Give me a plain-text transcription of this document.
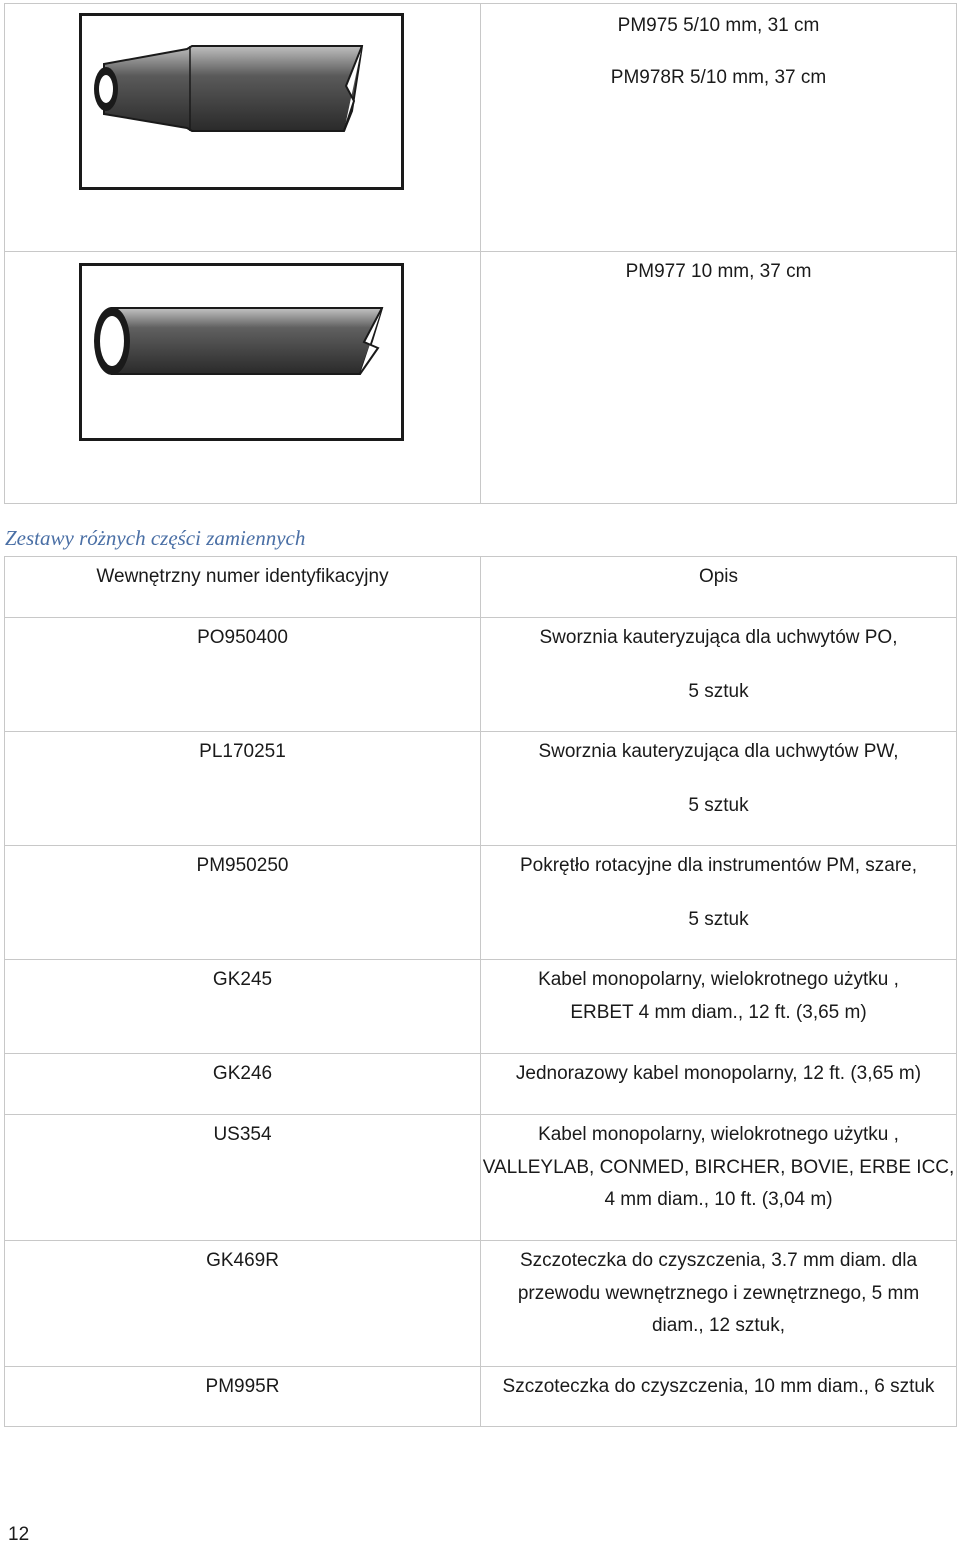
PM975 5/10 mm, 31 cm
PM978R 5/10 mm, 37 cm
PM977 10 mm, 37 cm
Zestawy różnych części zamiennych
Wewnętrzny numer identyfikacyjny	Opis
PO950400	Sworznia kauteryzująca dla uchwytów PO,
5 sztuk
PL170251	Sworznia kauteryzująca dla uchwytów PW,
5 sztuk
PM950250	Pokrętło rotacyjne dla instrumentów PM, szare,
5 sztuk
GK245	Kabel monopolarny, wielokrotnego użytku ,
ERBET 4 mm diam., 12 ft. (3,65 m)
GK246	Jednorazowy kabel monopolarny, 12 ft. (3,65 m)
US354	Kabel monopolarny, wielokrotnego użytku ,
VALLEYLAB, CONMED, BIRCHER, BOVIE, ERBE ICC,
4 mm diam., 10 ft. (3,04 m)
GK469R	Szczoteczka do czyszczenia, 3.7 mm diam. dla
przewodu wewnętrznego i zewnętrznego, 5 mm
diam., 12 sztuk,
PM995R	Szczoteczka do czyszczenia, 10 mm diam., 6 sztuk
12
